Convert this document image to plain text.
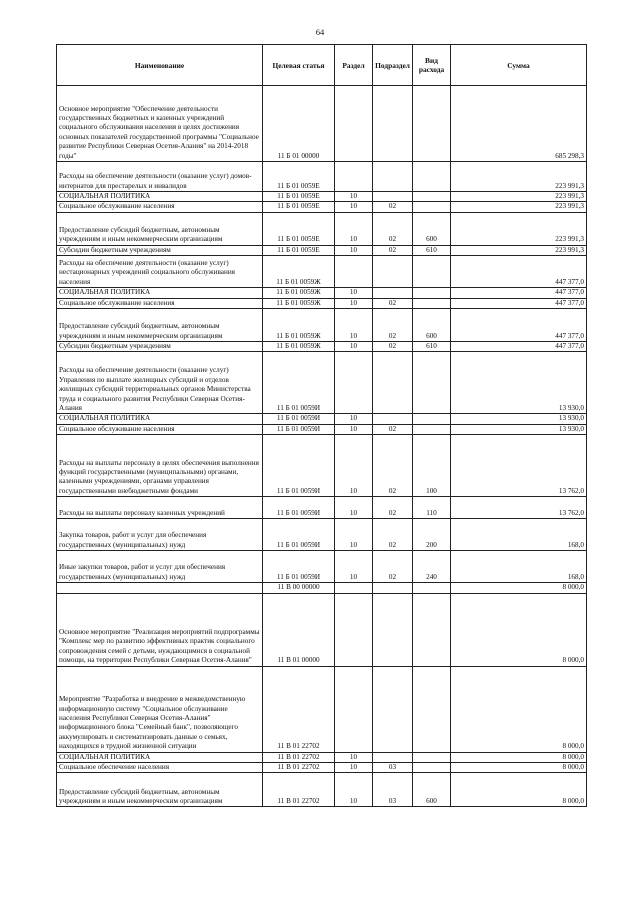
64
Наименование	Целевая статья	Раздел	Подраздел	Вид расхода	Сумма
Основное мероприятие "Обеспечение деятельности государственных бюджетных и казенных учреждений социального обслуживания населения в целях достижения основных показателей государственной программы "Социальное развитие Республики Северная Осетия-Алания" на 2014-2018 годы"	11 Б 01 00000				685 298,3
Расходы на обеспечение деятельности (оказание услуг) домов-интернатов для престарелых и инвалидов	11 Б 01 0059Е				223 991,3
СОЦИАЛЬНАЯ ПОЛИТИКА	11 Б 01 0059Е	10			223 991,3
Социальное обслуживание населения	11 Б 01 0059Е	10	02		223 991,3
Предоставление субсидий бюджетным, автономным учреждениям и иным некоммерческим организациям	11 Б 01 0059Е	10	02	600	223 991,3
Субсидии бюджетным учреждениям	11 Б 01 0059Е	10	02	610	223 991,3
Расходы на обеспечение деятельности (оказание услуг) нестационарных учреждений социального обслуживания населения	11 Б 01 0059Ж				447 377,0
СОЦИАЛЬНАЯ ПОЛИТИКА	11 Б 01 0059Ж	10			447 377,0
Социальное обслуживание населения	11 Б 01 0059Ж	10	02		447 377,0
Предоставление субсидий бюджетным, автономным учреждениям и иным некоммерческим организациям	11 Б 01 0059Ж	10	02	600	447 377,0
Субсидии бюджетным учреждениям	11 Б 01 0059Ж	10	02	610	447 377,0
Расходы на обеспечение деятельности (оказание услуг) Управления по выплате жилищных субсидий и отделов жилищных субсидий территориальных органов Министерства труда и социального развития Республики Северная Осетия-Алания	11 Б 01 0059И				13 930,0
СОЦИАЛЬНАЯ ПОЛИТИКА	11 Б 01 0059И	10			13 930,0
Социальное обслуживание населения	11 Б 01 0059И	10	02		13 930,0
Расходы на выплаты персоналу в целях обеспечения выполнения функций государственными (муниципальными) органами, казенными учреждениями, органами управления государственными внебюджетными фондами	11 Б 01 0059И	10	02	100	13 762,0
Расходы на выплаты персоналу казенных учреждений	11 Б 01 0059И	10	02	110	13 762,0
Закупка товаров, работ и услуг для обеспечения государственных (муниципальных) нужд	11 Б 01 0059И	10	02	200	168,0
Иные закупки товаров, работ и услуг для обеспечения государственных (муниципальных) нужд	11 Б 01 0059И	10	02	240	168,0
	11 В 00 00000				8 000,0
Основное мероприятие "Реализация мероприятий подпрограммы "Комплекс мер по развитию эффективных практик социального сопровождения семей с детьми, нуждающимися в социальной помощи, на территории Республики Северная Осетия-Алания"	11 В 01 00000				8 000,0
Мероприятие "Разработка и внедрение в межведомственную информационную систему "Социальное обслуживание населения Республики Северная Осетия-Алания" информационного блока "Семейный банк", позволяющего аккумулировать и систематизировать данные о семьях, находящихся в трудной жизненной ситуации	11 В 01 22702				8 000,0
СОЦИАЛЬНАЯ ПОЛИТИКА	11 В 01 22702	10			8 000,0
Социальное обеспечение населения	11 В 01 22702	10	03		8 000,0
Предоставление субсидий бюджетным, автономным учреждениям и иным некоммерческим организациям	11 В 01 22702	10	03	600	8 000,0
